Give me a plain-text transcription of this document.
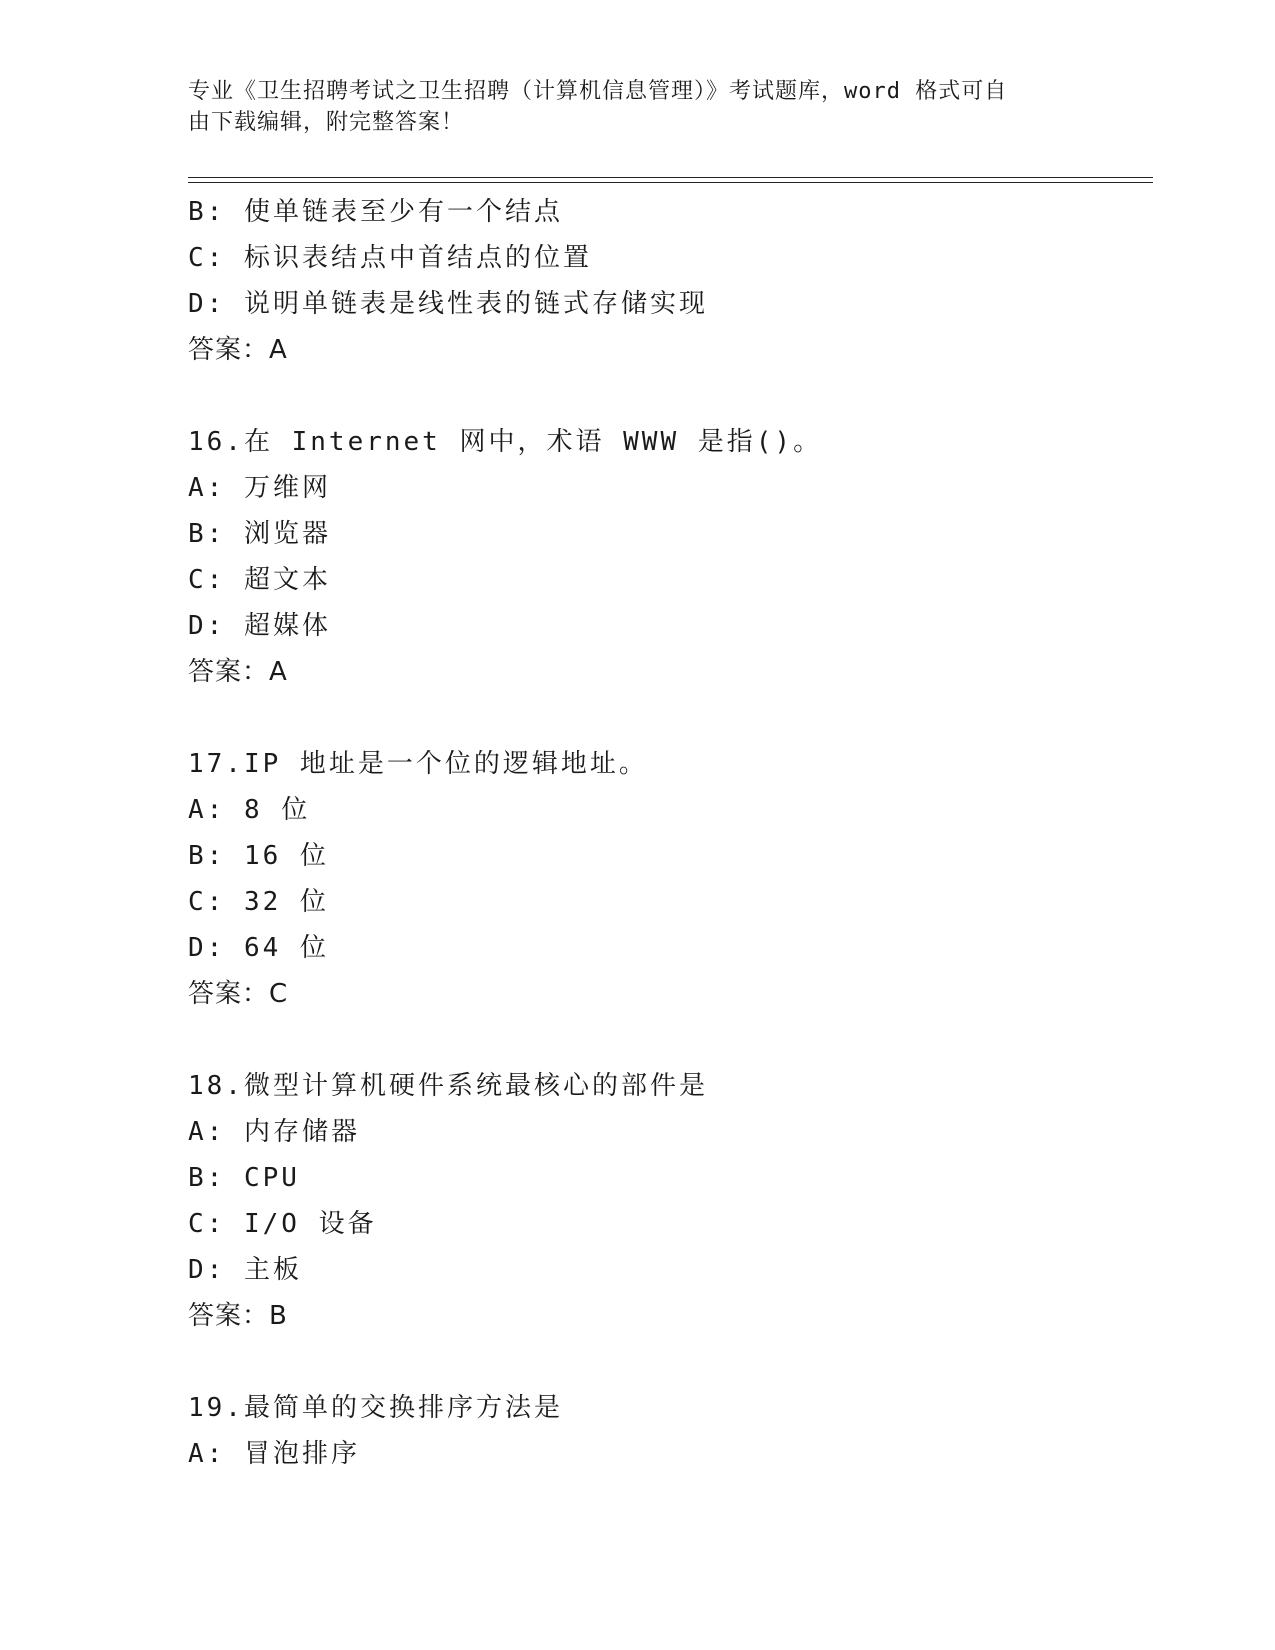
专业《卫生招聘考试之卫生招聘（计算机信息管理）》考试题库，word 格式可自
由下载编辑，附完整答案！
B: 使单链表至少有一个结点
C: 标识表结点中首结点的位置
D: 说明单链表是线性表的链式存储实现
答案：A
16.在 Internet 网中，术语 WWW 是指()。
A: 万维网
B: 浏览器
C: 超文本
D: 超媒体
答案：A
17.IP 地址是一个位的逻辑地址。
A: 8 位
B: 16 位
C: 32 位
D: 64 位
答案：C
18.微型计算机硬件系统最核心的部件是
A: 内存储器
B: CPU
C: I/O 设备
D: 主板
答案：B
19.最简单的交换排序方法是
A: 冒泡排序
